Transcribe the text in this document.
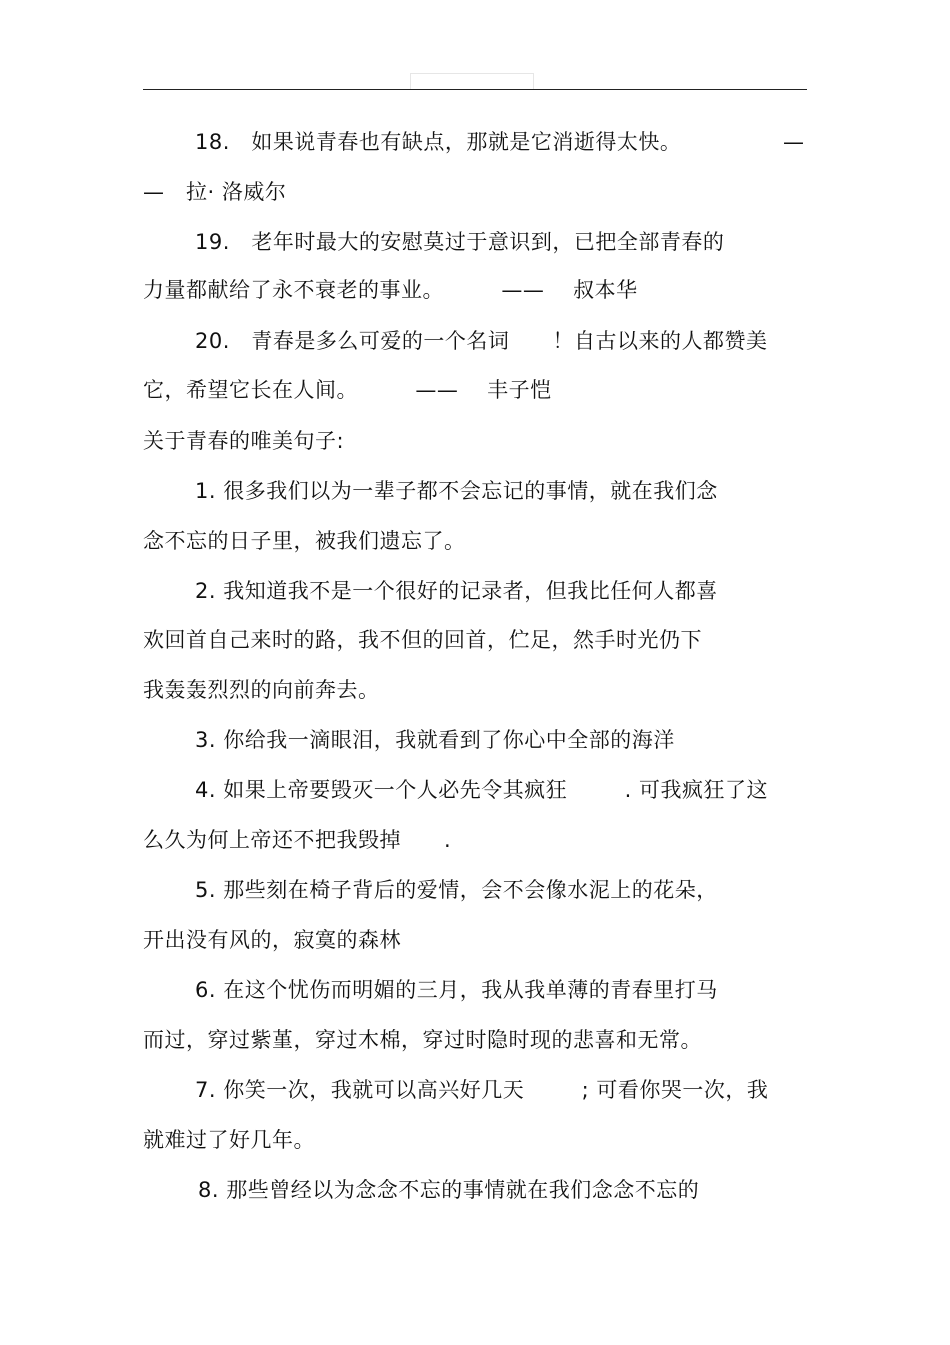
18.   如果说青春也有缺点，那就是它消逝得太快。	—
—   拉· 洛威尔
19.   老年时最大的安慰莫过于意识到，已把全部青春的
力量都献给了永不衰老的事业。        ——    叔本华
20.   青春是多么可爱的一个名词      ！自古以来的人都赞美
它，希望它长在人间。        ——    丰子恺
关于青春的唯美句子:
1. 很多我们以为一辈子都不会忘记的事情，就在我们念
念不忘的日子里，被我们遗忘了。
2. 我知道我不是一个很好的记录者，但我比任何人都喜
欢回首自己来时的路，我不但的回首，伫足，然手时光仍下
我轰轰烈烈的向前奔去。
3. 你给我一滴眼泪，我就看到了你心中全部的海洋
4. 如果上帝要毁灭一个人必先令其疯狂        . 可我疯狂了这
么久为何上帝还不把我毁掉      .
5. 那些刻在椅子背后的爱情，会不会像水泥上的花朵，
开出没有风的，寂寞的森林
6. 在这个忧伤而明媚的三月，我从我单薄的青春里打马
而过，穿过紫堇，穿过木棉，穿过时隐时现的悲喜和无常。
7. 你笑一次，我就可以高兴好几天        ; 可看你哭一次，我
就难过了好几年。
8. 那些曾经以为念念不忘的事情就在我们念念不忘的
